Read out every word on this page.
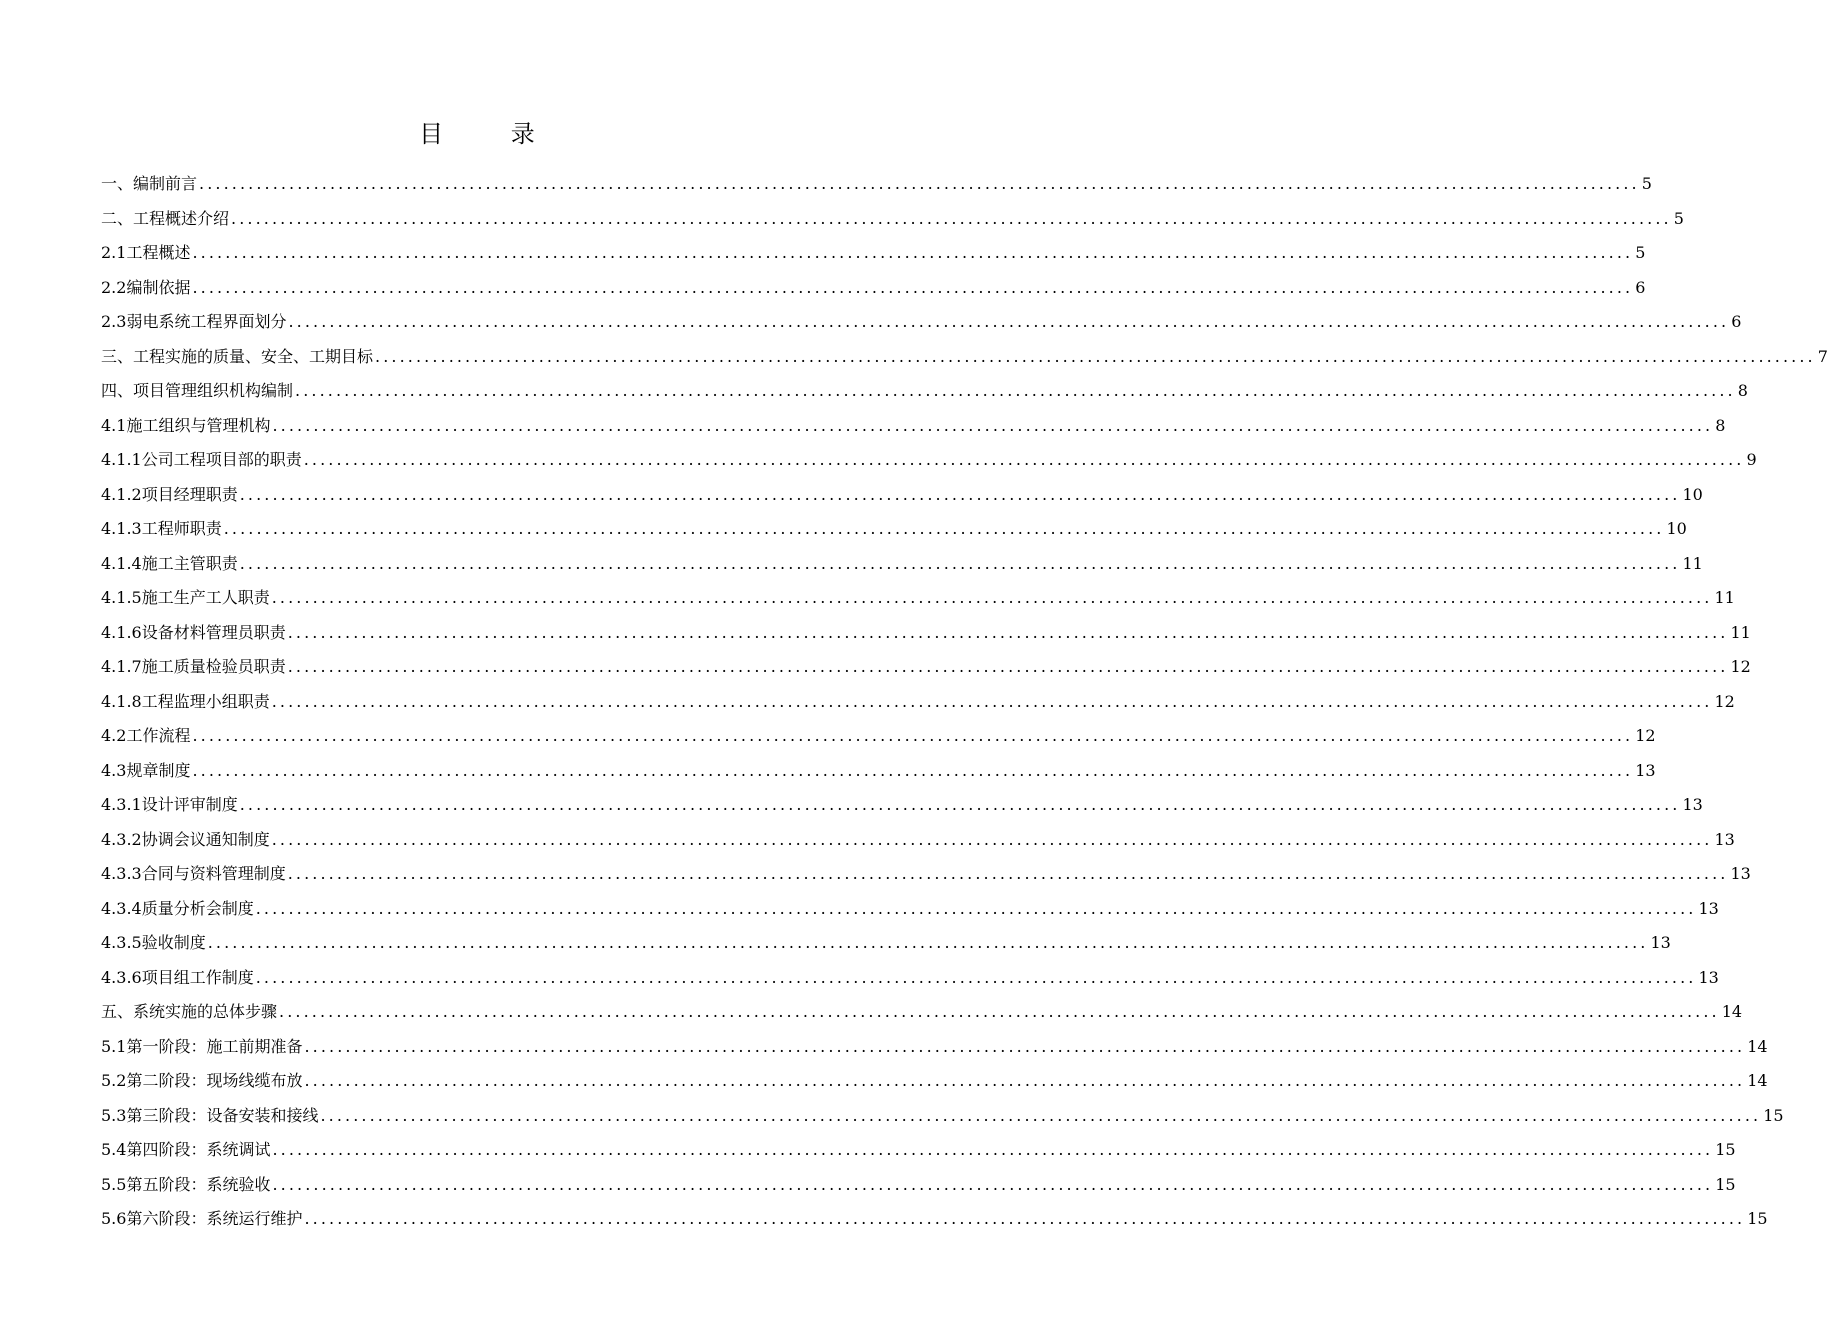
目 录
一、编制前言 ................................................................................................................................................................................ 5
二、工程概述介绍 ................................................................................................................................................................................ 5
2.1 工程概述 ................................................................................................................................................................................ 5
2.2 编制依据 ................................................................................................................................................................................ 6
2.3 弱电系统工程界面划分 ................................................................................................................................................................................ 6
三、工程实施的质量、安全、工期目标 ................................................................................................................................................................................ 7
四、项目管理组织机构编制 ................................................................................................................................................................................ 8
4.1 施工组织与管理机构 ................................................................................................................................................................................ 8
4.1.1 公司工程项目部的职责 ................................................................................................................................................................................ 9
4.1.2 项目经理职责 ................................................................................................................................................................................ 10
4.1.3 工程师职责 ................................................................................................................................................................................ 10
4.1.4 施工主管职责 ................................................................................................................................................................................ 11
4.1.5 施工生产工人职责 ................................................................................................................................................................................ 11
4.1.6 设备材料管理员职责 ................................................................................................................................................................................ 11
4.1.7 施工质量检验员职责 ................................................................................................................................................................................ 12
4.1.8 工程监理小组职责 ................................................................................................................................................................................ 12
4.2 工作流程 ................................................................................................................................................................................ 12
4.3 规章制度 ................................................................................................................................................................................ 13
4.3.1 设计评审制度 ................................................................................................................................................................................ 13
4.3.2 协调会议通知制度 ................................................................................................................................................................................ 13
4.3.3 合同与资料管理制度 ................................................................................................................................................................................ 13
4.3.4 质量分析会制度 ................................................................................................................................................................................ 13
4.3.5 验收制度 ................................................................................................................................................................................ 13
4.3.6 项目组工作制度 ................................................................................................................................................................................ 13
五、系统实施的总体步骤 ................................................................................................................................................................................ 14
5.1 第一阶段：施工前期准备 ................................................................................................................................................................................ 14
5.2 第二阶段：现场线缆布放 ................................................................................................................................................................................ 14
5.3 第三阶段：设备安装和接线 ................................................................................................................................................................................ 15
5.4 第四阶段：系统调试 ................................................................................................................................................................................ 15
5.5 第五阶段：系统验收 ................................................................................................................................................................................ 15
5.6 第六阶段：系统运行维护 ................................................................................................................................................................................ 15
